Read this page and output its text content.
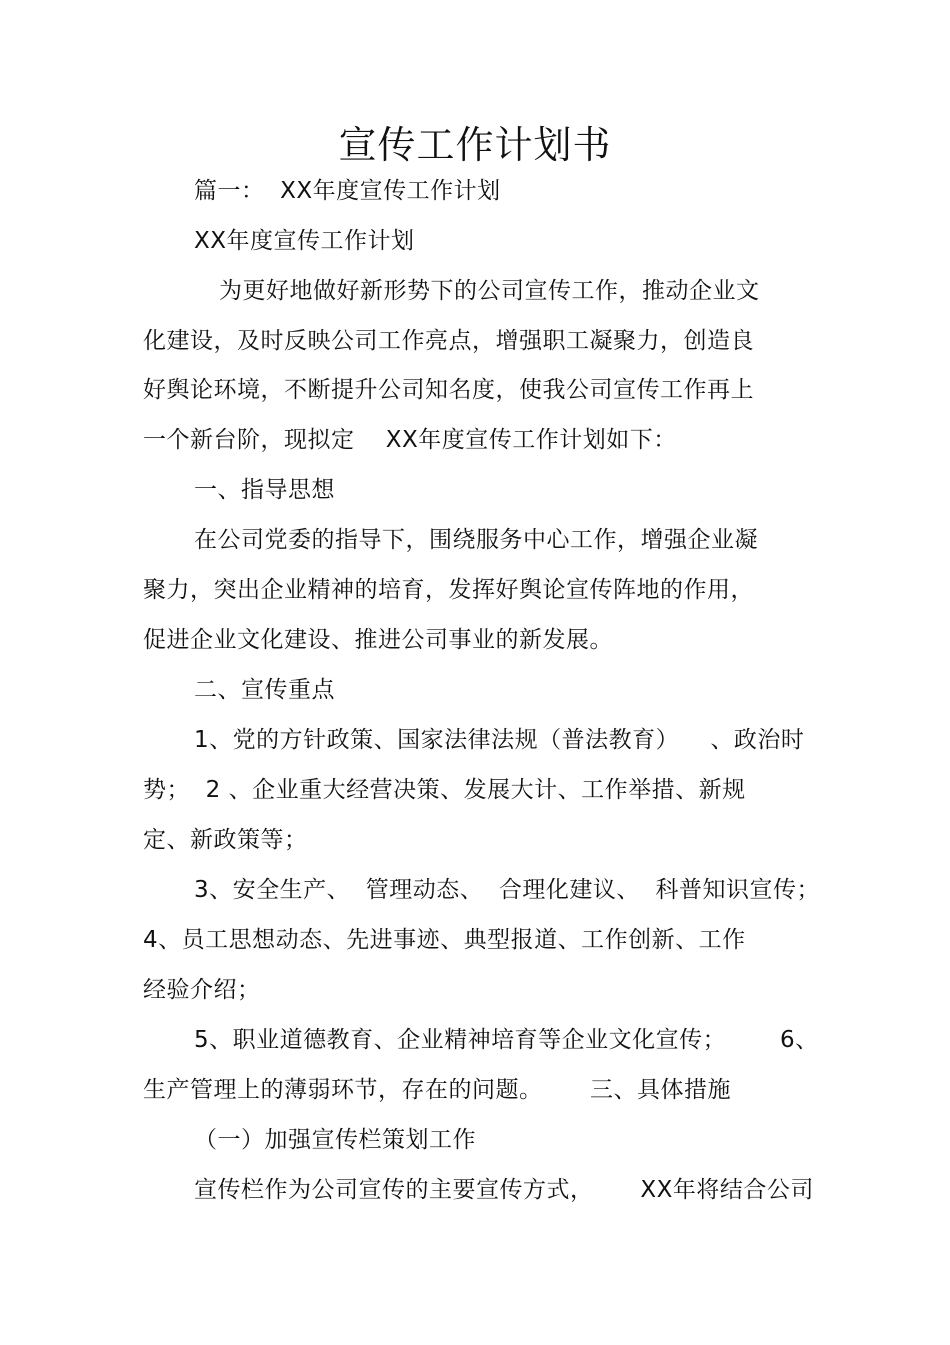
宣传工作计划书
篇一：  XX年度宣传工作计划
XX年度宣传工作计划
为更好地做好新形势下的公司宣传工作，推动企业文
化建设，及时反映公司工作亮点，增强职工凝聚力，创造良
好舆论环境，不断提升公司知名度，使我公司宣传工作再上
一个新台阶，现拟定    XX年度宣传工作计划如下：
一、指导思想
在公司党委的指导下，围绕服务中心工作，增强企业凝
聚力，突出企业精神的培育，发挥好舆论宣传阵地的作用，
促进企业文化建设、推进公司事业的新发展。
二、宣传重点
1、党的方针政策、国家法律法规（普法教育）    、政治时
势；  2 、企业重大经营决策、发展大计、工作举措、新规
定、新政策等；
3、安全生产、  管理动态、  合理化建议、  科普知识宣传；
4、员工思想动态、先进事迹、典型报道、工作创新、工作
经验介绍；
5、职业道德教育、企业精神培育等企业文化宣传； 6、
生产管理上的薄弱环节，存在的问题。 三、具体措施
（一）加强宣传栏策划工作
宣传栏作为公司宣传的主要宣传方式，      XX年将结合公司
